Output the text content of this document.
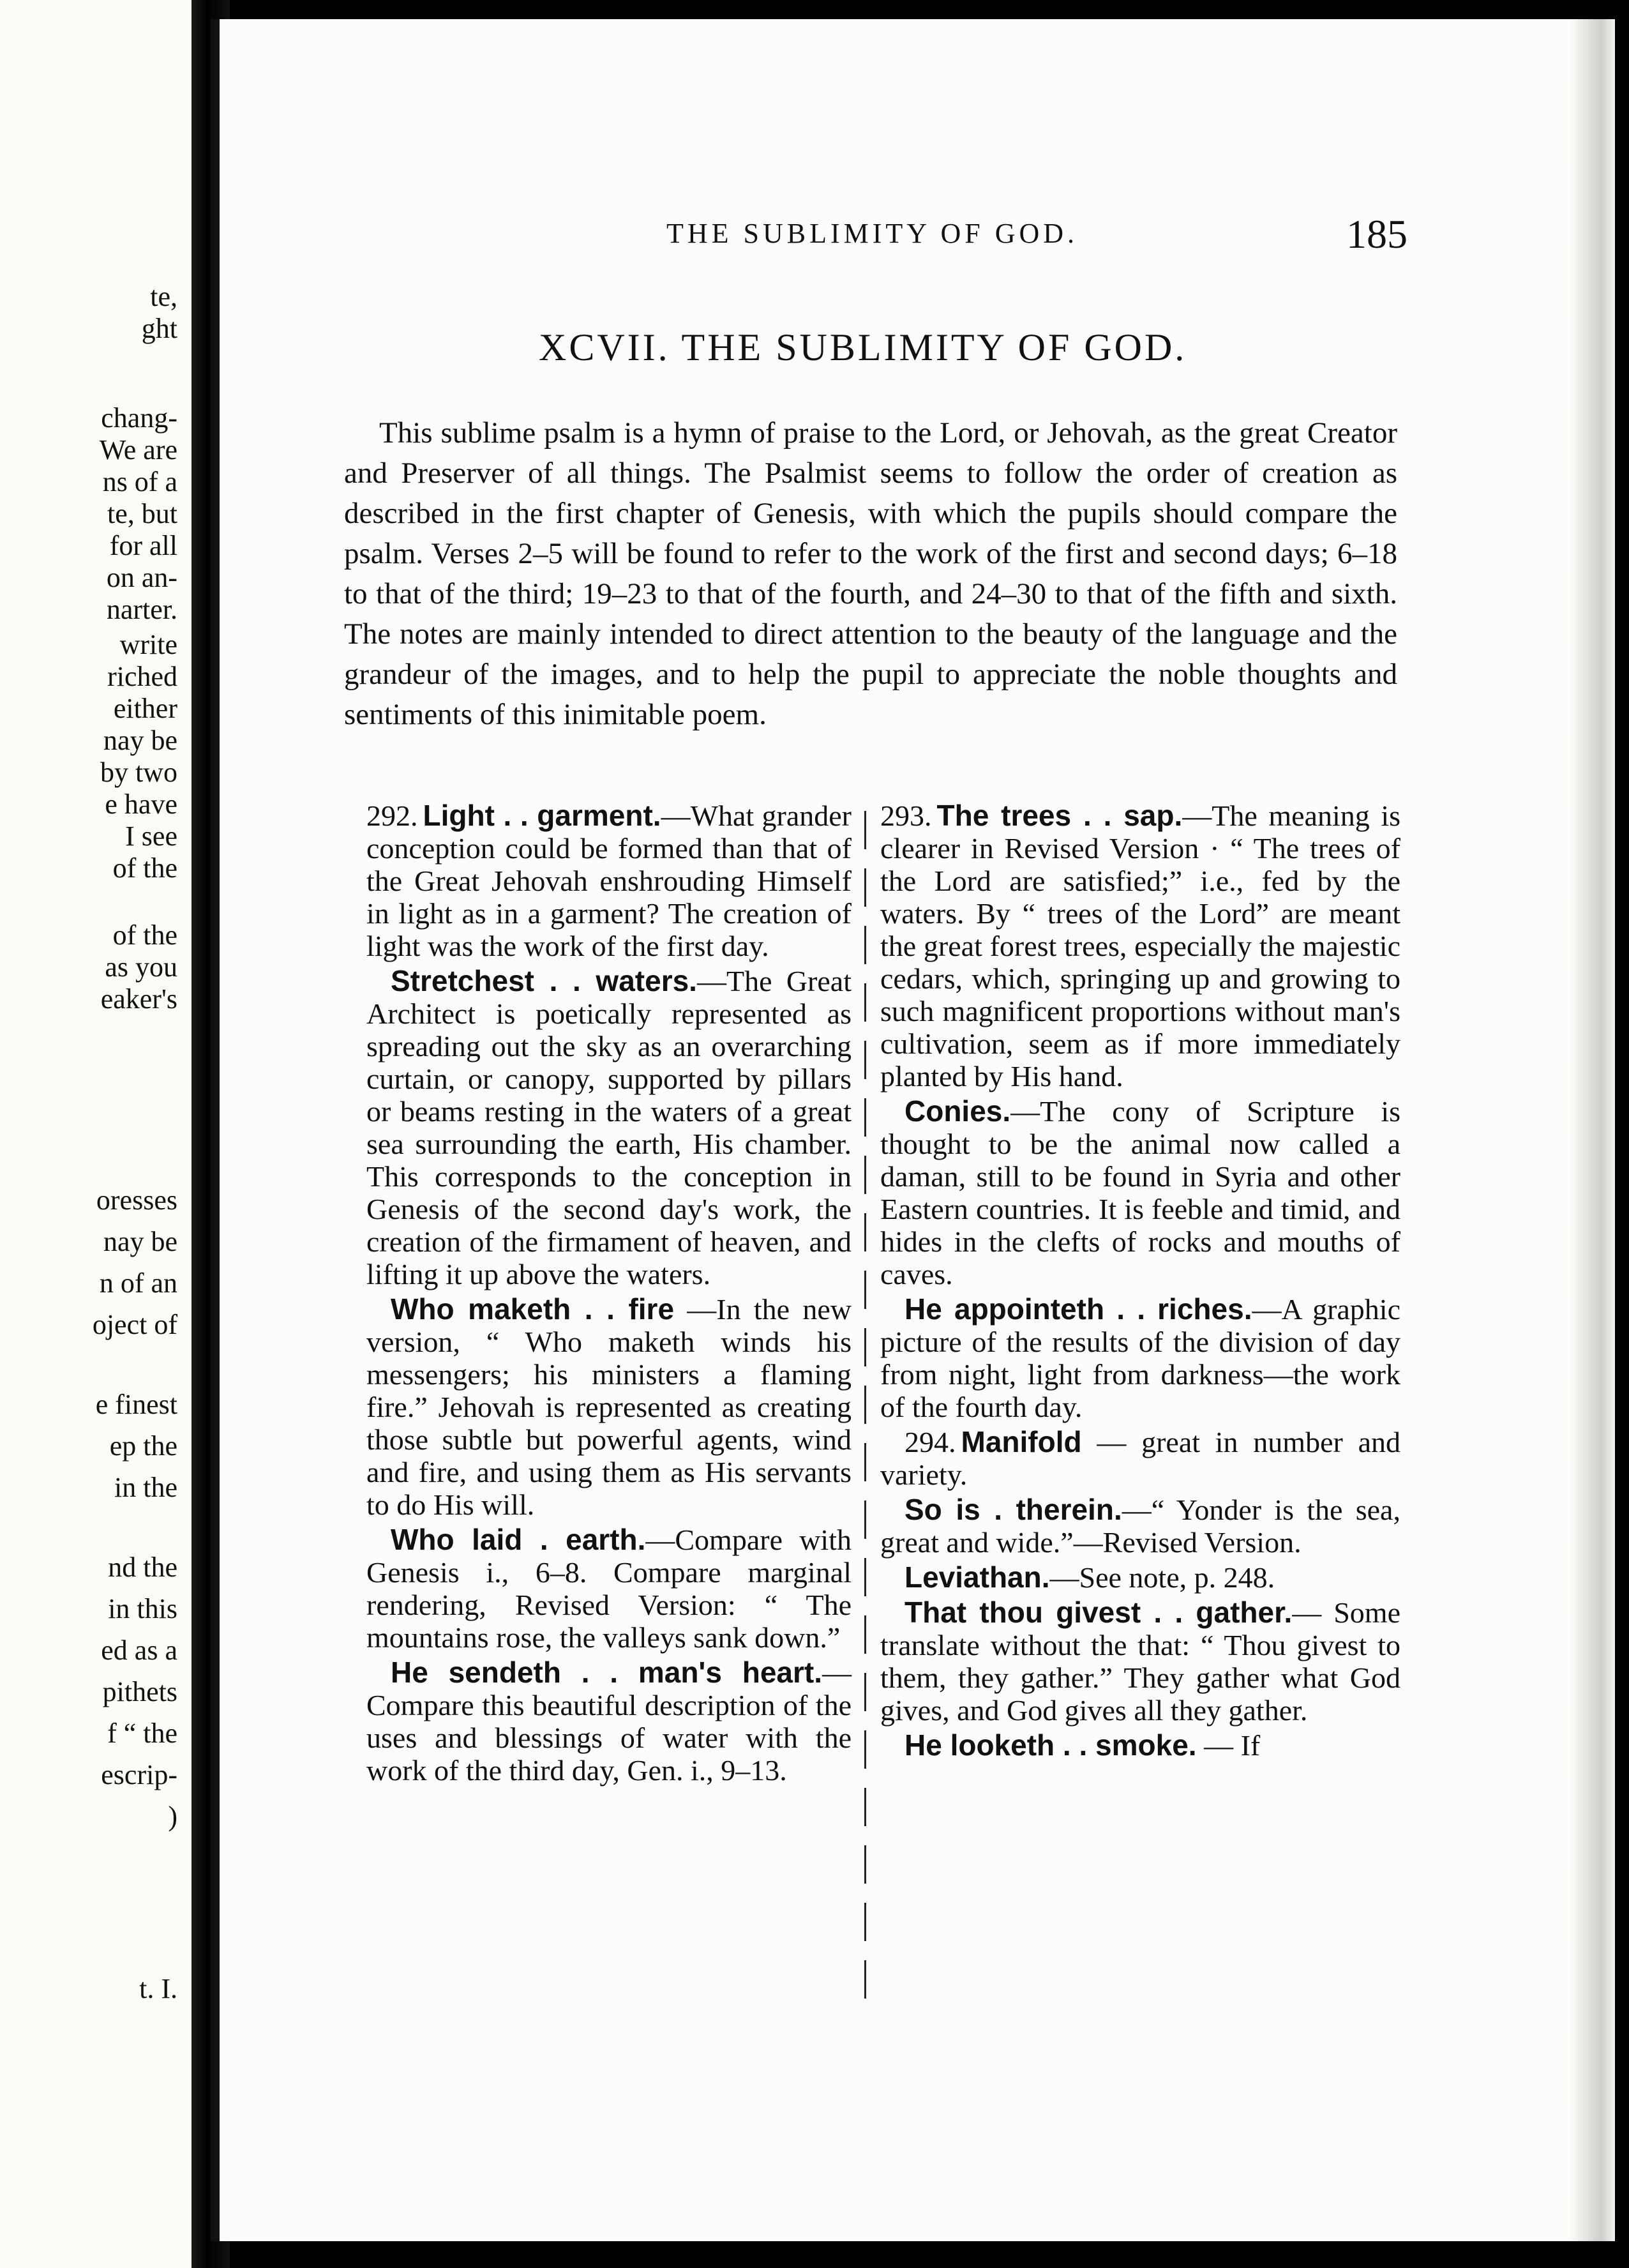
te,
ght
chang-
We are
ns of a
te, but
for all
on an-
narter.
write
riched
either
nay be
by two
e have
I see
of the
of the
as you
eaker's
oresses
nay be
n of an
oject of
e finest
ep the
in the
nd the
in this
ed as a
pithets
f “ the
escrip-
)
t. I.
THE SUBLIMITY OF GOD.	185
XCVII. THE SUBLIMITY OF GOD.

This sublime psalm is a hymn of praise to the Lord, or Jehovah, as the great Creator and Preserver of all things. The Psalmist seems to follow the order of creation as described in the first chapter of Genesis, with which the pupils should compare the psalm. Verses 2–5 will be found to refer to the work of the first and second days; 6–18 to that of the third; 19–23 to that of the fourth, and 24–30 to that of the fifth and sixth. The notes are mainly intended to direct attention to the beauty of the language and the grandeur of the images, and to help the pupil to appreciate the noble thoughts and sentiments of this inimitable poem.

292. Light . . garment.—What grander conception could be formed than that of the Great Jehovah enshrouding Himself in light as in a garment? The creation of light was the work of the first day.

Stretchest . . waters.—The Great Architect is poetically represented as spreading out the sky as an overarching curtain, or canopy, supported by pillars or beams resting in the waters of a great sea surrounding the earth, His chamber. This corresponds to the conception in Genesis of the second day's work, the creation of the firmament of heaven, and lifting it up above the waters.

Who maketh . . fire —In the new version, “ Who maketh winds his messengers; his ministers a flaming fire.” Jehovah is represented as creating those subtle but powerful agents, wind and fire, and using them as His servants to do His will.

Who laid . earth.—Compare with Genesis i., 6–8. Compare marginal rendering, Revised Version: “ The mountains rose, the valleys sank down.”

He sendeth . . man's heart.— Compare this beautiful description of the uses and blessings of water with the work of the third day, Gen. i., 9–13.

293. The trees . . sap.—The meaning is clearer in Revised Version · “ The trees of the Lord are satisfied;” i.e., fed by the waters. By “ trees of the Lord” are meant the great forest trees, especially the majestic cedars, which, springing up and growing to such magnificent proportions without man's cultivation, seem as if more immediately planted by His hand.

Conies.—The cony of Scripture is thought to be the animal now called a daman, still to be found in Syria and other Eastern countries. It is feeble and timid, and hides in the clefts of rocks and mouths of caves.

He appointeth . . riches.—A graphic picture of the results of the division of day from night, light from darkness—the work of the fourth day.

294. Manifold — great in number and variety.

So is . therein.—“ Yonder is the sea, great and wide.”—Revised Version.

Leviathan.—See note, p. 248.

That thou givest . . gather.— Some translate without the that: “ Thou givest to them, they gather.” They gather what God gives, and God gives all they gather.

He looketh . . smoke. — If
